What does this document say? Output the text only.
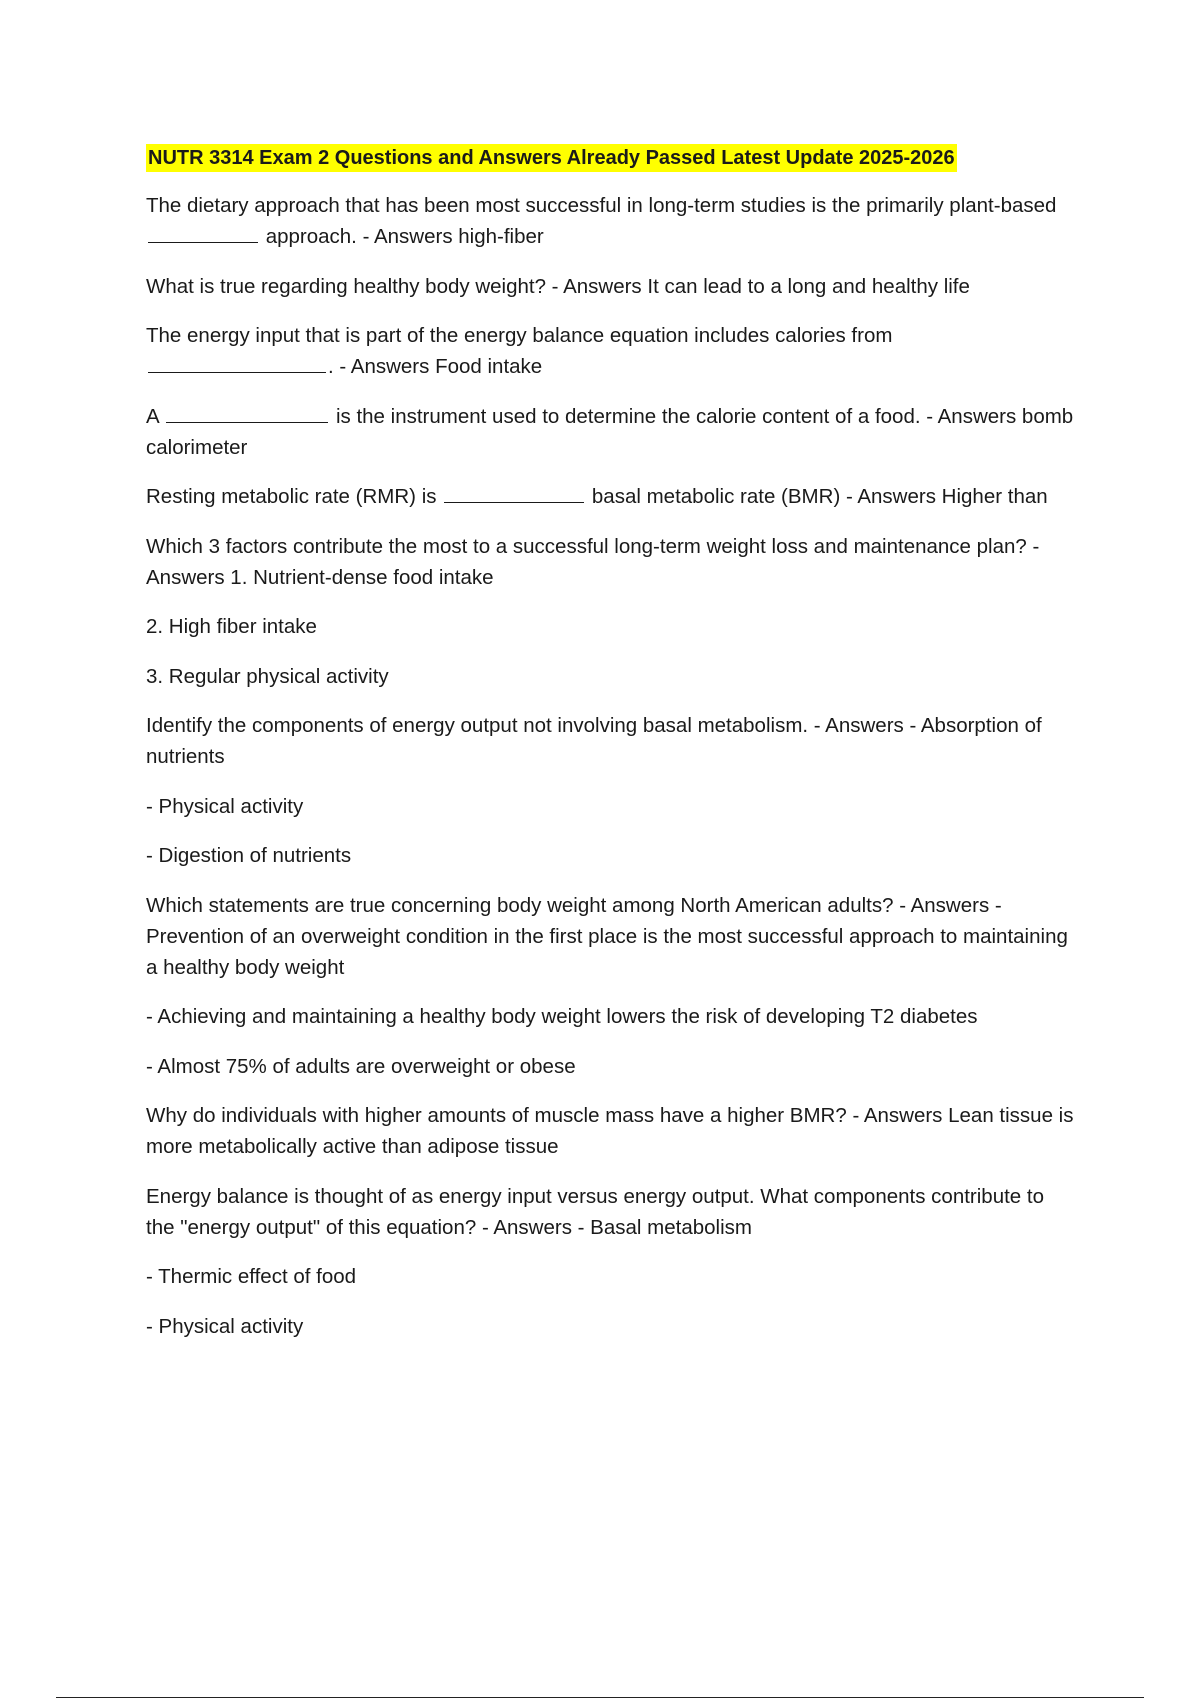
NUTR 3314 Exam 2 Questions and Answers Already Passed Latest Update 2025-2026

The dietary approach that has been most successful in long-term studies is the primarily plant-based  approach. - Answers high-fiber

What is true regarding healthy body weight? - Answers It can lead to a long and healthy life

The energy input that is part of the energy balance equation includes calories from
. - Answers Food intake

A	is the instrument used to determine the calorie content of a food. - Answers bomb calorimeter

Resting metabolic rate (RMR) is	basal metabolic rate (BMR) - Answers Higher than

Which 3 factors contribute the most to a successful long-term weight loss and maintenance plan? - Answers 1. Nutrient-dense food intake

2. High fiber intake

3. Regular physical activity

Identify the components of energy output not involving basal metabolism. - Answers - Absorption of nutrients

- Physical activity

- Digestion of nutrients

Which statements are true concerning body weight among North American adults? - Answers - Prevention of an overweight condition in the first place is the most successful approach to maintaining a healthy body weight

- Achieving and maintaining a healthy body weight lowers the risk of developing T2 diabetes

- Almost 75% of adults are overweight or obese

Why do individuals with higher amounts of muscle mass have a higher BMR? - Answers Lean tissue is more metabolically active than adipose tissue

Energy balance is thought of as energy input versus energy output. What components contribute to the "energy output" of this equation? - Answers - Basal metabolism

- Thermic effect of food

- Physical activity
